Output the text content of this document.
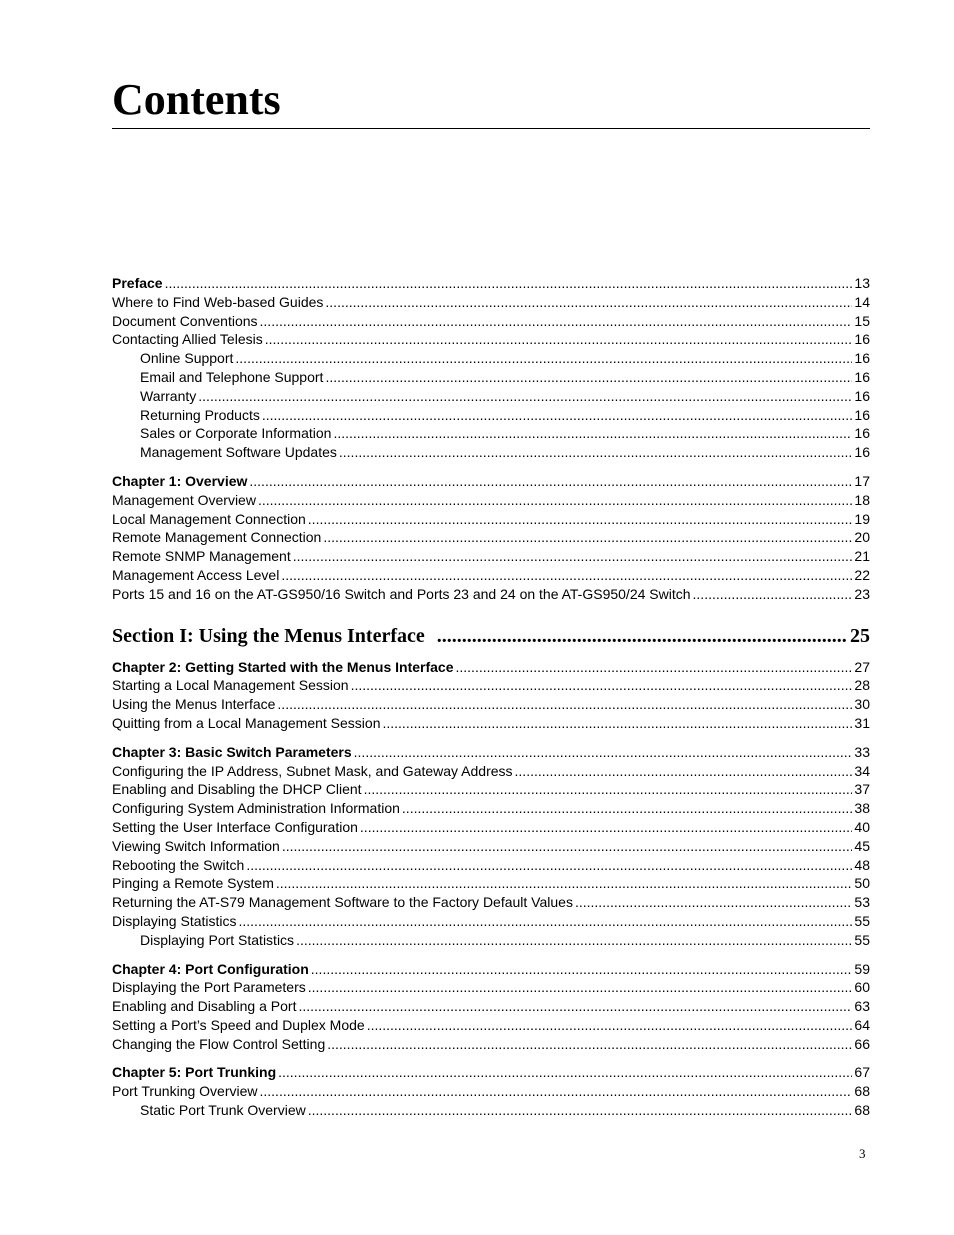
Contents
Preface .....	13
Where to Find Web-based Guides .....	14
Document Conventions .....	15
Contacting Allied Telesis .....	16
Online Support .....	16
Email and Telephone Support .....	16
Warranty .....	16
Returning Products .....	16
Sales or Corporate Information .....	16
Management Software Updates .....	16
Chapter 1: Overview .....	17
Management Overview .....	18
Local Management Connection .....	19
Remote Management Connection .....	20
Remote SNMP Management .....	21
Management Access Level .....	22
Ports 15 and 16 on the AT-GS950/16 Switch and Ports 23 and 24 on the AT-GS950/24 Switch .....	23
Section I: Using the Menus Interface .....	25
Chapter 2: Getting Started with the Menus Interface .....	27
Starting a Local Management Session .....	28
Using the Menus Interface .....	30
Quitting from a Local Management Session .....	31
Chapter 3: Basic Switch Parameters .....	33
Configuring the IP Address, Subnet Mask, and Gateway Address .....	34
Enabling and Disabling the DHCP Client .....	37
Configuring System Administration Information .....	38
Setting the User Interface Configuration .....	40
Viewing Switch Information .....	45
Rebooting the Switch .....	48
Pinging a Remote System .....	50
Returning the AT-S79 Management Software to the Factory Default Values .....	53
Displaying Statistics .....	55
Displaying Port Statistics .....	55
Chapter 4: Port Configuration .....	59
Displaying the Port Parameters .....	60
Enabling and Disabling a Port .....	63
Setting a Port’s Speed and Duplex Mode .....	64
Changing the Flow Control Setting .....	66
Chapter 5: Port Trunking .....	67
Port Trunking Overview .....	68
Static Port Trunk Overview .....	68
3
